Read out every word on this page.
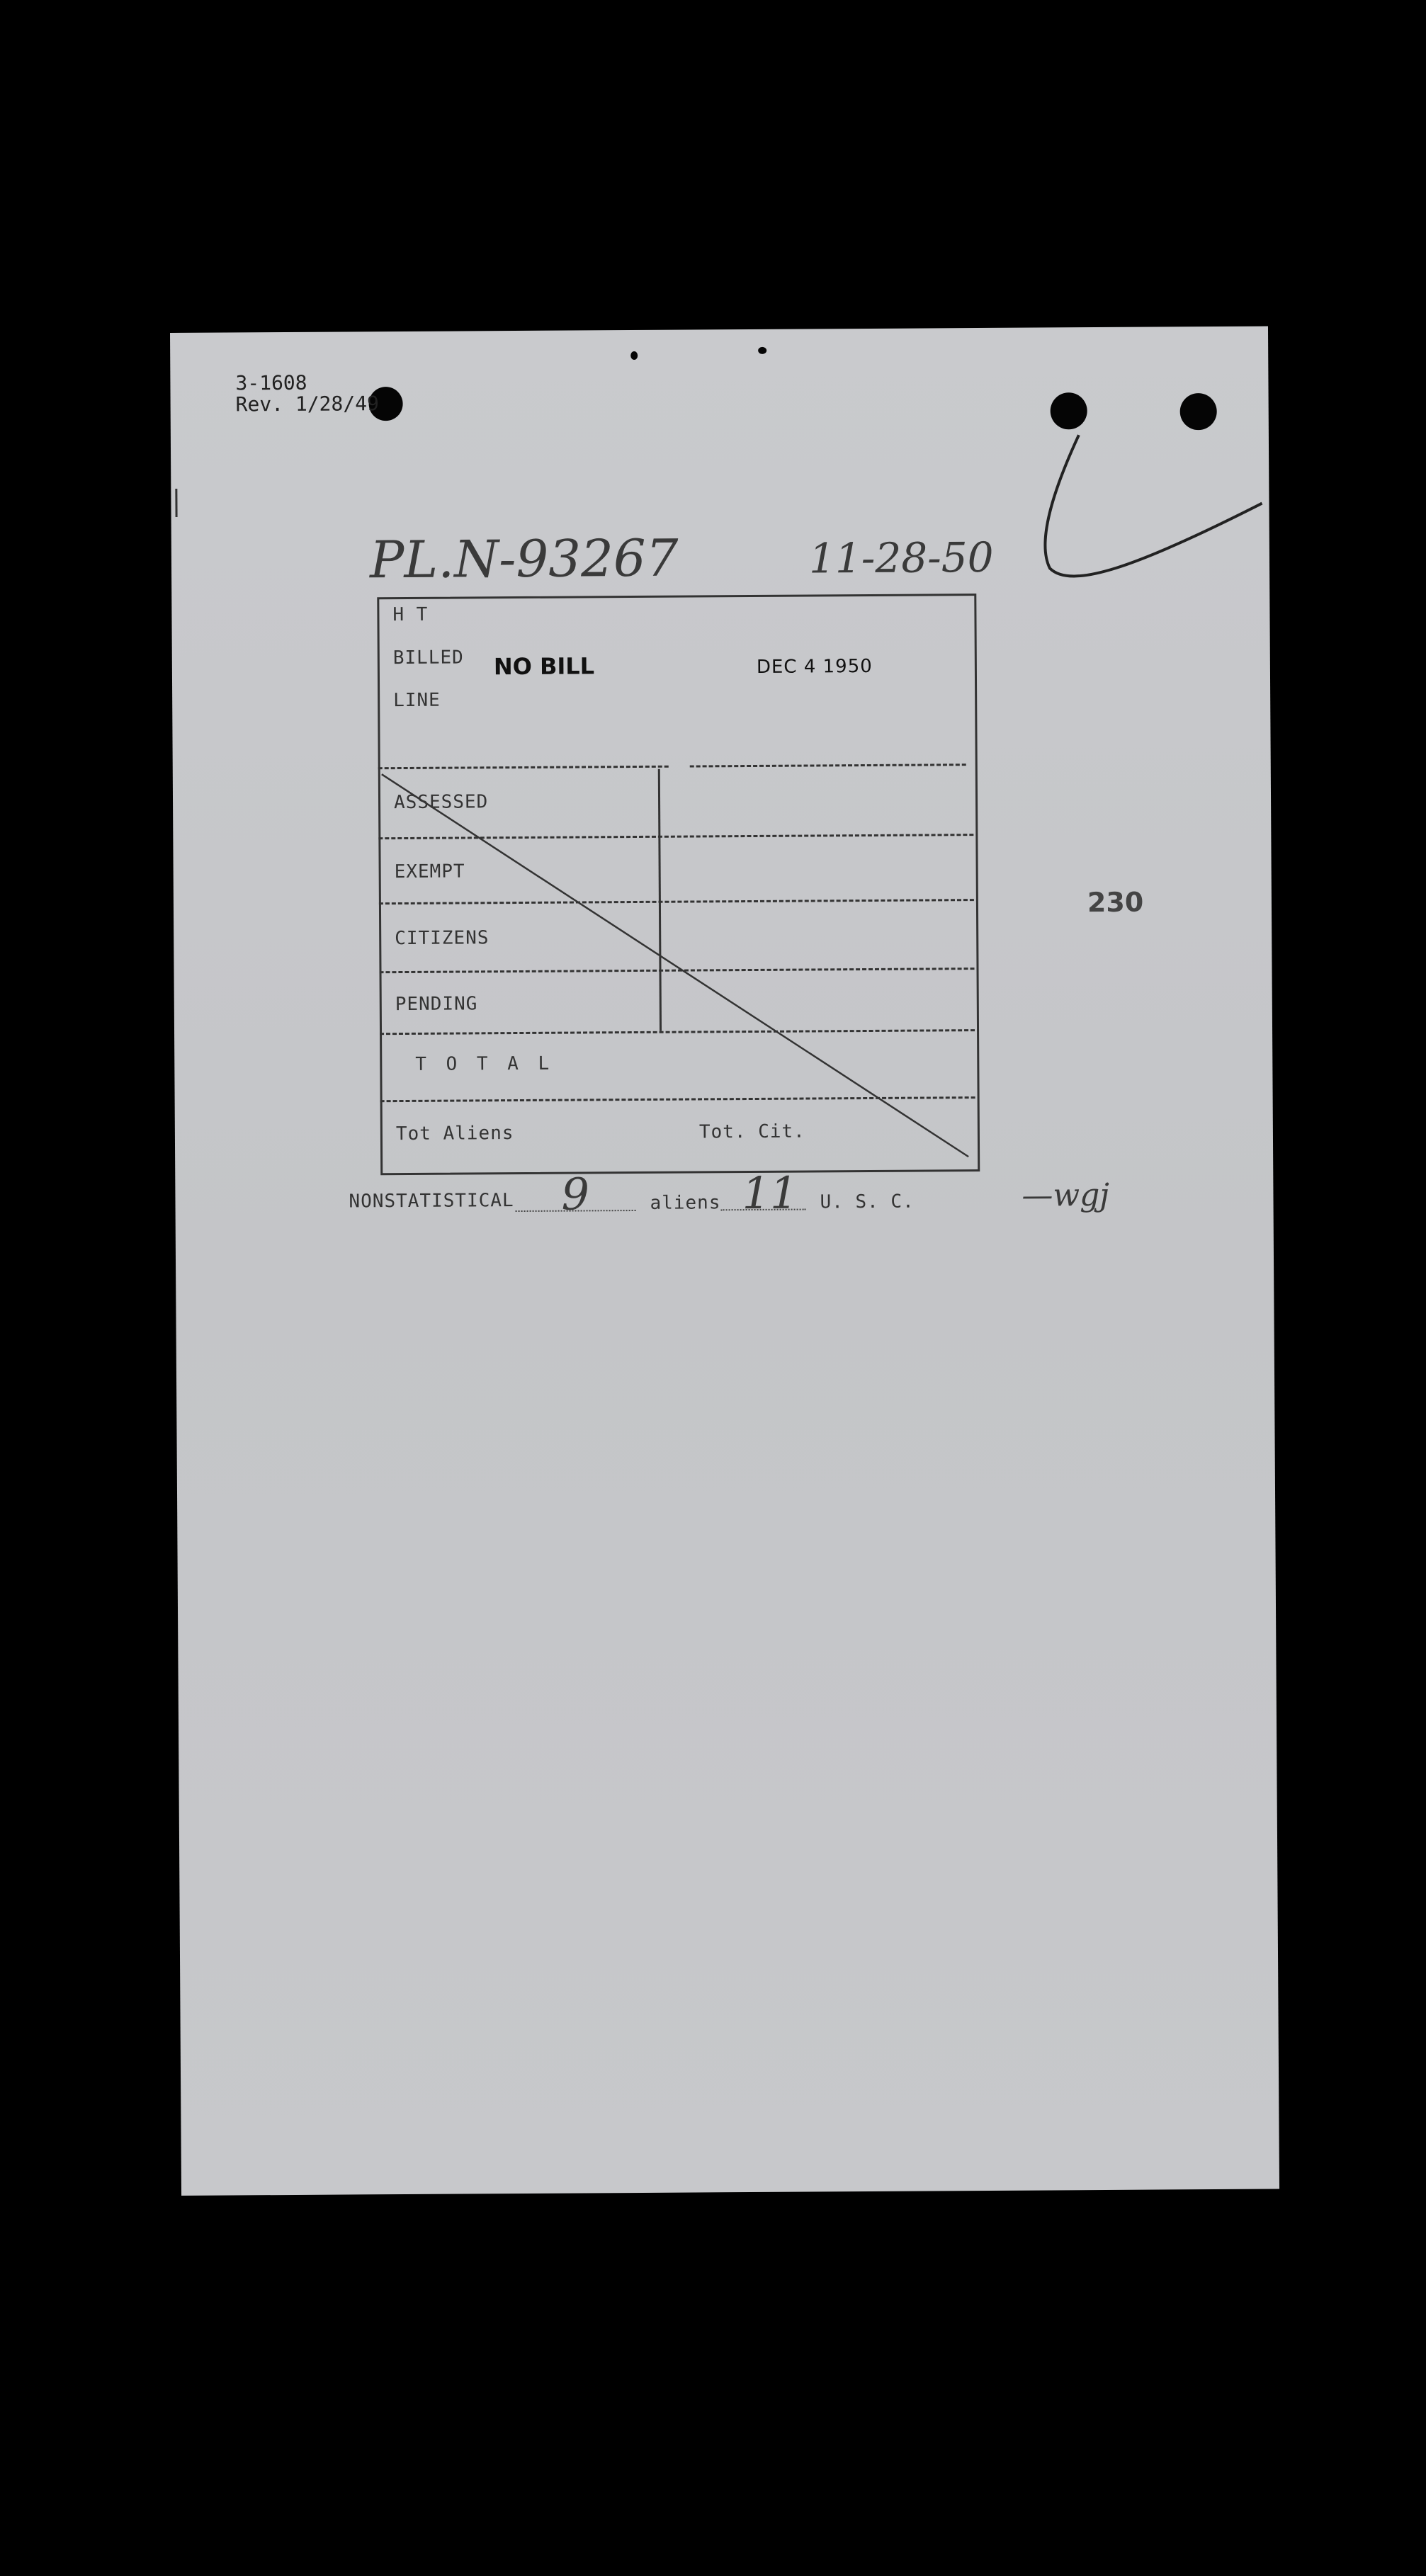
3-1608
Rev. 1/28/49
PL.N-93267	11-28-50
H T
BILLED
LINE
NO BILL	DEC 4 1950
ASSESSED
EXEMPT
CITIZENS
PENDING
T O T A L
Tot Aliens	Tot. Cit.
230
NONSTATISTICAL 9	aliens 11 U. S. C.	—wgj
